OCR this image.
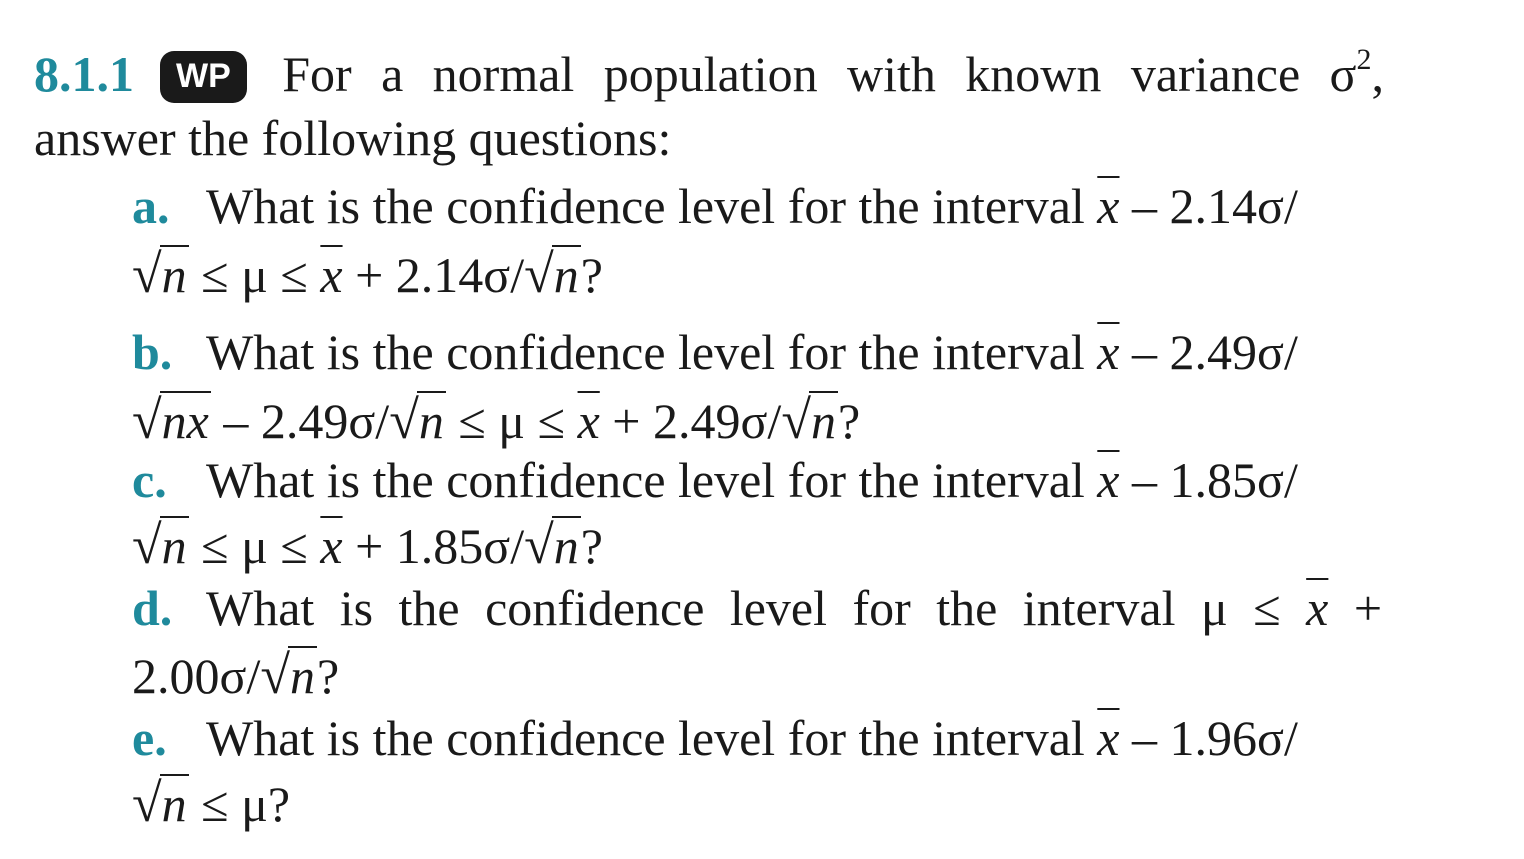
8.1.1 WP For a normal population with known variance $\sigma^2$,
answer the following questions:
a. What is the confidence level for the interval $\overline{x} - 2.14\sigma/$
$√n \le \mu \le \overline{x} + 2.14\sigma/√n$?
b. What is the confidence level for the interval $\overline{x} - 2.49\sigma/$
$√n\overline{x} - 2.49\sigma/√n \le \mu \le \overline{x} + 2.49\sigma/√n$?
c. What is the confidence level for the interval $\overline{x} - 1.85\sigma/$
$√n \le \mu \le \overline{x} + 1.85\sigma/√n$?
d. What is the confidence level for the interval $\mu \le \overline{x}$ +
2.00σ/√n?
e. What is the confidence level for the interval $\overline{x} - 1.96\sigma/$
√n ≤ μ?
